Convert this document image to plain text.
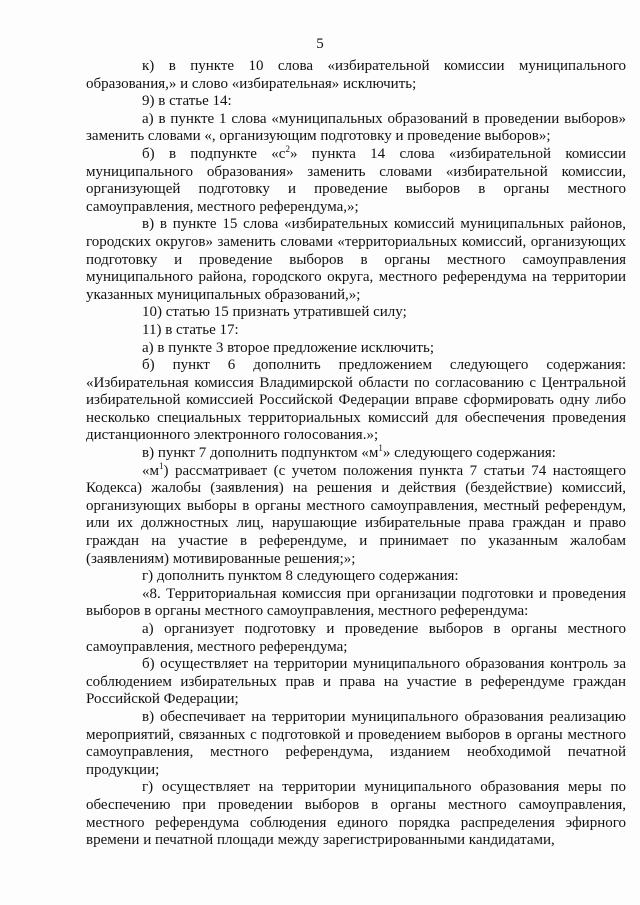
5

к) в пункте 10 слова «избирательной комиссии муниципального образования,» и слово «избирательная» исключить;

9) в статье 14:

а) в пункте 1 слова «муниципальных образований в проведении выборов» заменить словами «, организующим подготовку и проведение выборов»;

б) в подпункте «$с^2$» пункта 14 слова «избирательной комиссии муниципального образования» заменить словами «избирательной комиссии, организующей подготовку и проведение выборов в органы местного самоуправления, местного референдума,»;

в) в пункте 15 слова «избирательных комиссий муниципальных районов, городских округов» заменить словами «территориальных комиссий, организующих подготовку и проведение выборов в органы местного самоуправления муниципального района, городского округа, местного референдума на территории указанных муниципальных образований,»;

10) статью 15 признать утратившей силу;

11) в статье 17:

а) в пункте 3 второе предложение исключить;

б) пункт 6 дополнить предложением следующего содержания: «Избирательная комиссия Владимирской области по согласованию с Центральной избирательной комиссией Российской Федерации вправе сформировать одну либо несколько специальных территориальных комиссий для обеспечения проведения дистанционного электронного голосования.»;

в) пункт 7 дополнить подпунктом «$м^1$» следующего содержания:

«$м^1$) рассматривает (с учетом положения пункта 7 статьи 74 настоящего Кодекса) жалобы (заявления) на решения и действия (бездействие) комиссий, организующих выборы в органы местного самоуправления, местный референдум, или их должностных лиц, нарушающие избирательные права граждан и право граждан на участие в референдуме, и принимает по указанным жалобам (заявлениям) мотивированные решения;»;

г) дополнить пунктом 8 следующего содержания:

«8. Территориальная комиссия при организации подготовки и проведения выборов в органы местного самоуправления, местного референдума:

а) организует подготовку и проведение выборов в органы местного самоуправления, местного референдума;

б) осуществляет на территории муниципального образования контроль за соблюдением избирательных прав и права на участие в референдуме граждан Российской Федерации;

в) обеспечивает на территории муниципального образования реализацию мероприятий, связанных с подготовкой и проведением выборов в органы местного самоуправления, местного референдума, изданием необходимой печатной продукции;

г) осуществляет на территории муниципального образования меры по обеспечению при проведении выборов в органы местного самоуправления, местного референдума соблюдения единого порядка распределения эфирного времени и печатной площади между зарегистрированными кандидатами,
